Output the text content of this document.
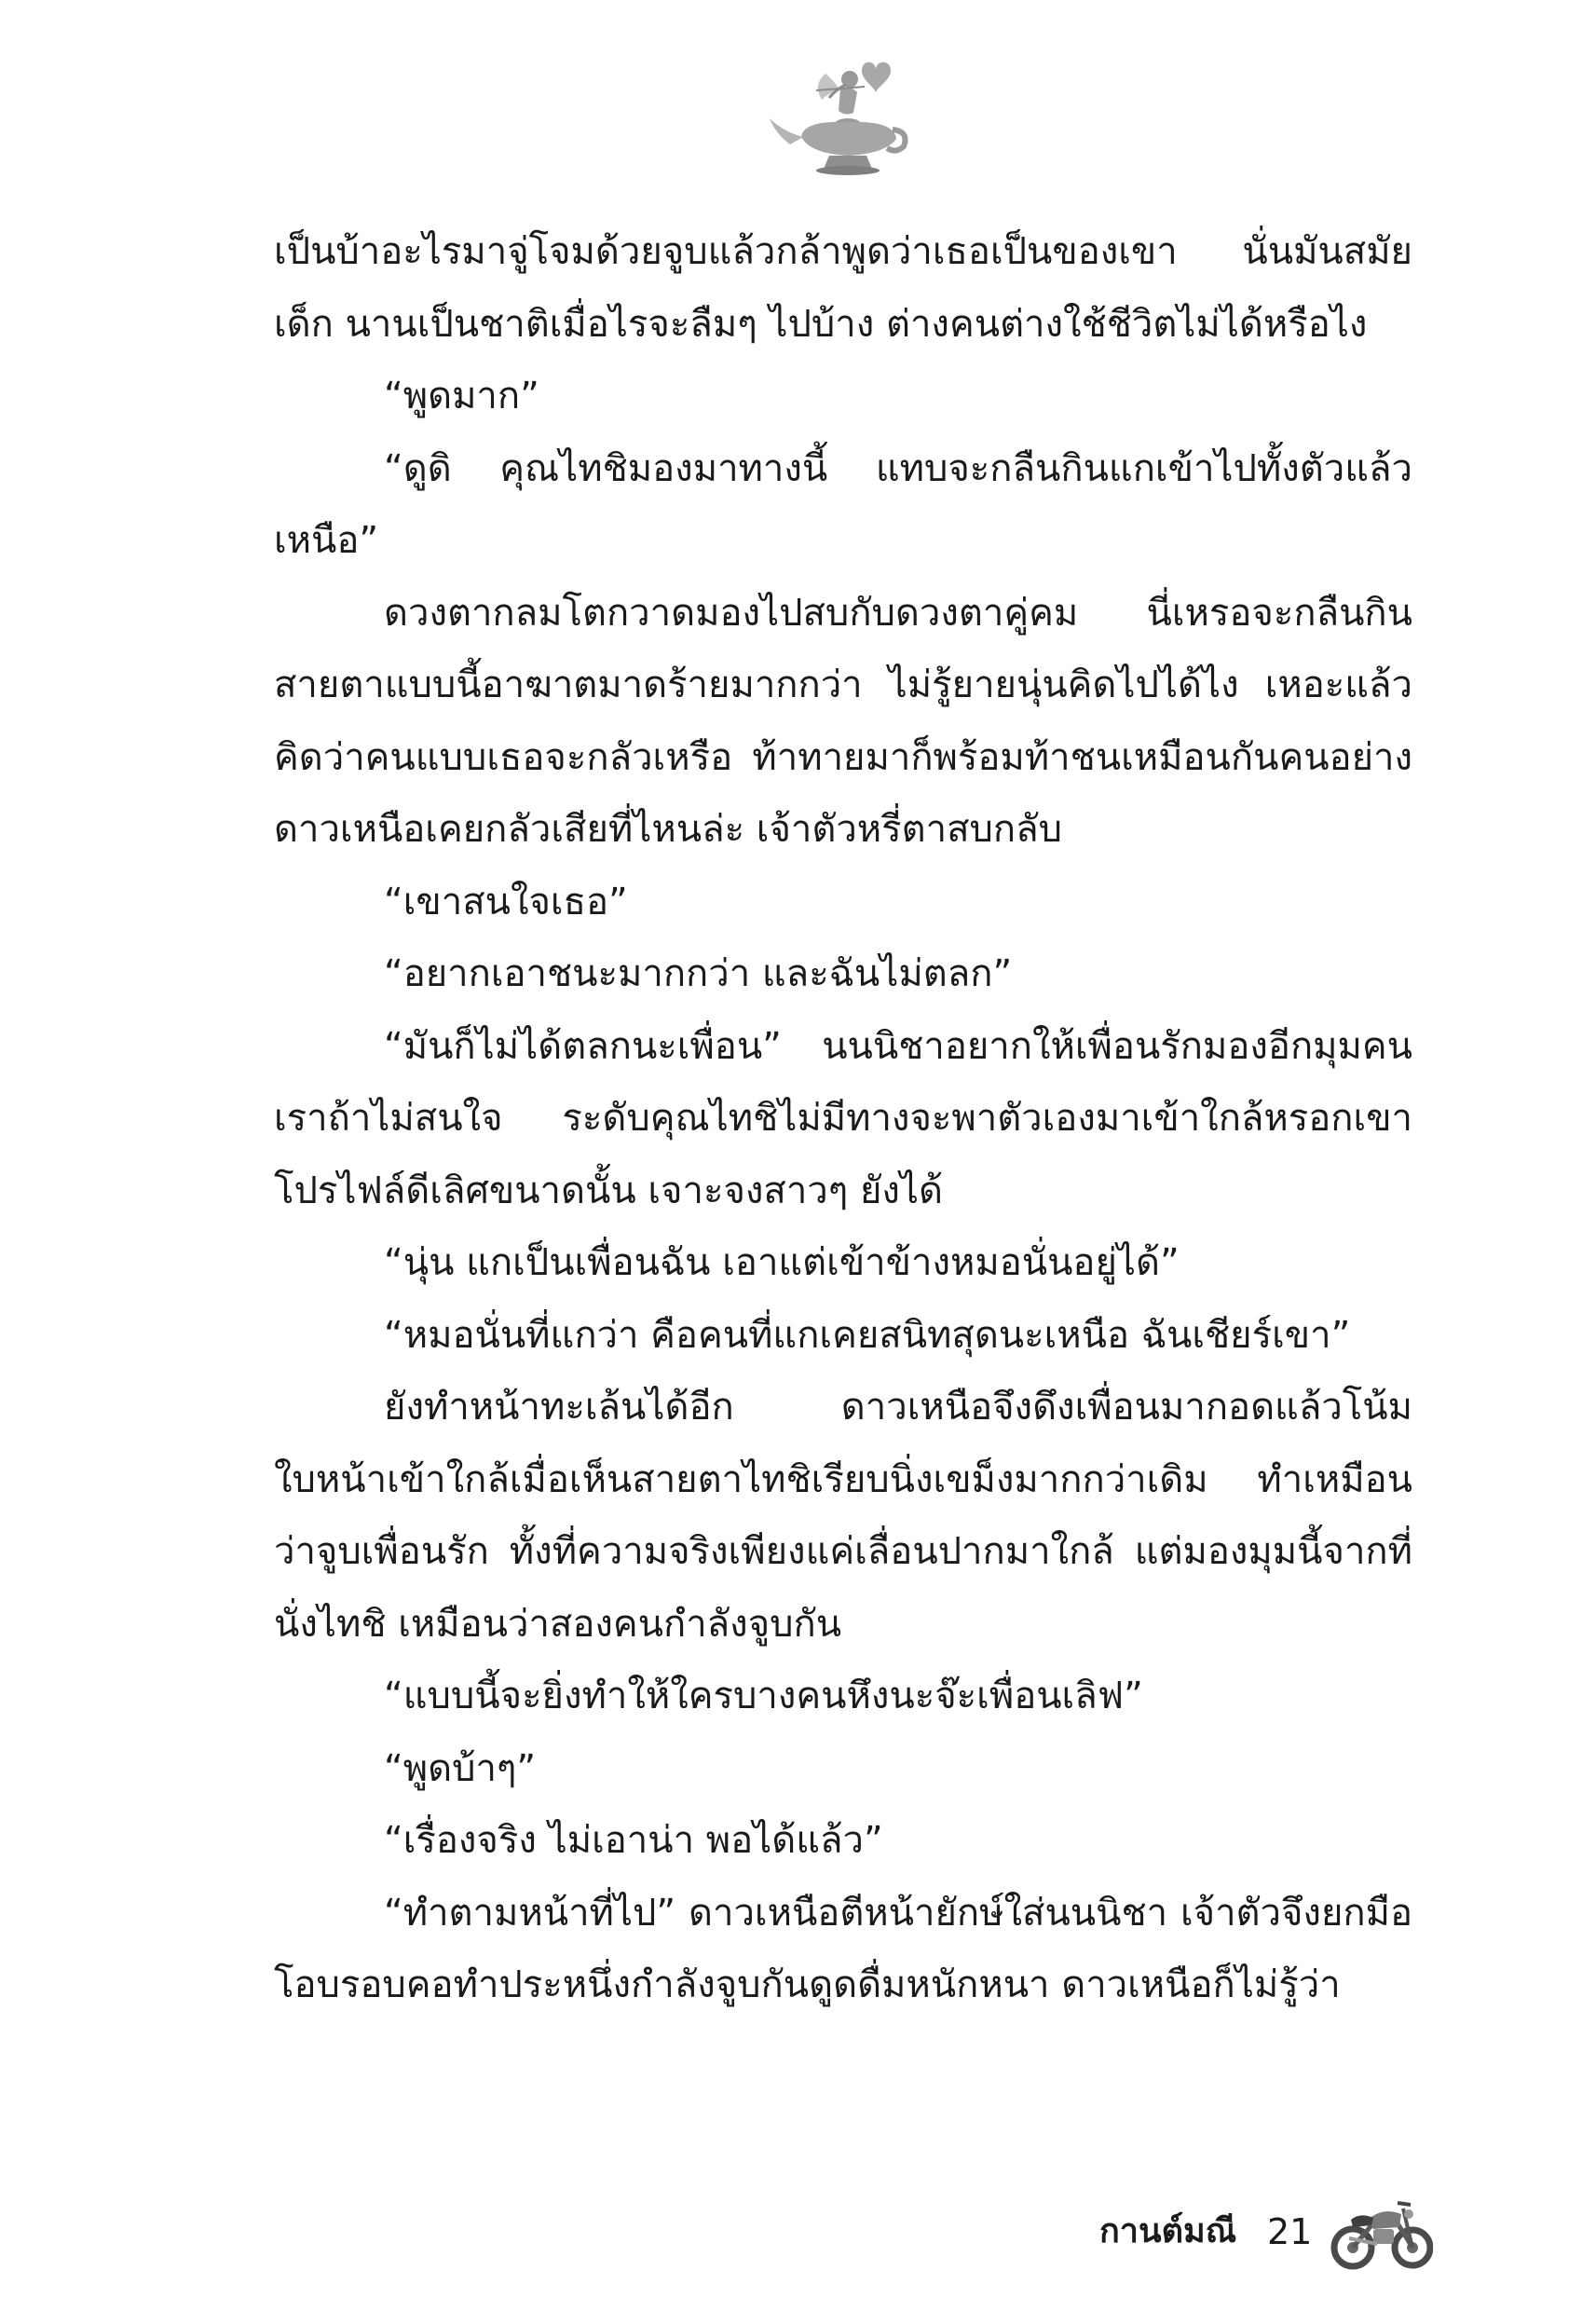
เป็นบ้าอะไรมาจู่โจมด้วยจูบแล้วกล้าพูดว่าเธอเป็นของเขา นั่นมันสมัยเด็ก นานเป็นชาติเมื่อไรจะลืมๆ ไปบ้าง ต่างคนต่างใช้ชีวิตไม่ได้หรือไง

“พูดมาก”

“ดูดิ คุณไทชิมองมาทางนี้ แทบจะกลืนกินแกเข้าไปทั้งตัวแล้วเหนือ”

ดวงตากลมโตกวาดมองไปสบกับดวงตาคู่คม นี่เหรอจะกลืนกินสายตาแบบนี้อาฆาตมาดร้ายมากกว่า ไม่รู้ยายนุ่นคิดไปได้ไง เหอะแล้วคิดว่าคนแบบเธอจะกลัวเหรือ ท้าทายมาก็พร้อมท้าชนเหมือนกันคนอย่างดาวเหนือเคยกลัวเสียที่ไหนล่ะ เจ้าตัวหรี่ตาสบกลับ

“เขาสนใจเธอ”

“อยากเอาชนะมากกว่า และฉันไม่ตลก”

“มันก็ไม่ได้ตลกนะเพื่อน” นนนิชาอยากให้เพื่อนรักมองอีกมุมคนเราถ้าไม่สนใจ ระดับคุณไทชิไม่มีทางจะพาตัวเองมาเข้าใกล้หรอกเขาโปรไฟล์ดีเลิศขนาดนั้น เจาะจงสาวๆ ยังได้

“นุ่น แกเป็นเพื่อนฉัน เอาแต่เข้าข้างหมอนั่นอยู่ได้”

“หมอนั่นที่แกว่า คือคนที่แกเคยสนิทสุดนะเหนือ ฉันเชียร์เขา”

ยังทำหน้าทะเล้นได้อีก ดาวเหนือจึงดึงเพื่อนมากอดแล้วโน้มใบหน้าเข้าใกล้เมื่อเห็นสายตาไทชิเรียบนิ่งเขม็งมากกว่าเดิม ทำเหมือนว่าจูบเพื่อนรัก ทั้งที่ความจริงเพียงแค่เลื่อนปากมาใกล้ แต่มองมุมนี้จากที่นั่งไทชิ เหมือนว่าสองคนกำลังจูบกัน

“แบบนี้จะยิ่งทำให้ใครบางคนหึงนะจ๊ะเพื่อนเลิฟ”

“พูดบ้าๆ”

“เรื่องจริง ไม่เอาน่า พอได้แล้ว”

“ทำตามหน้าที่ไป” ดาวเหนือตีหน้ายักษ์ใส่นนนิชา เจ้าตัวจึงยกมือโอบรอบคอทำประหนึ่งกำลังจูบกันดูดดื่มหนักหนา ดาวเหนือก็ไม่รู้ว่า

กานต์มณี 21
